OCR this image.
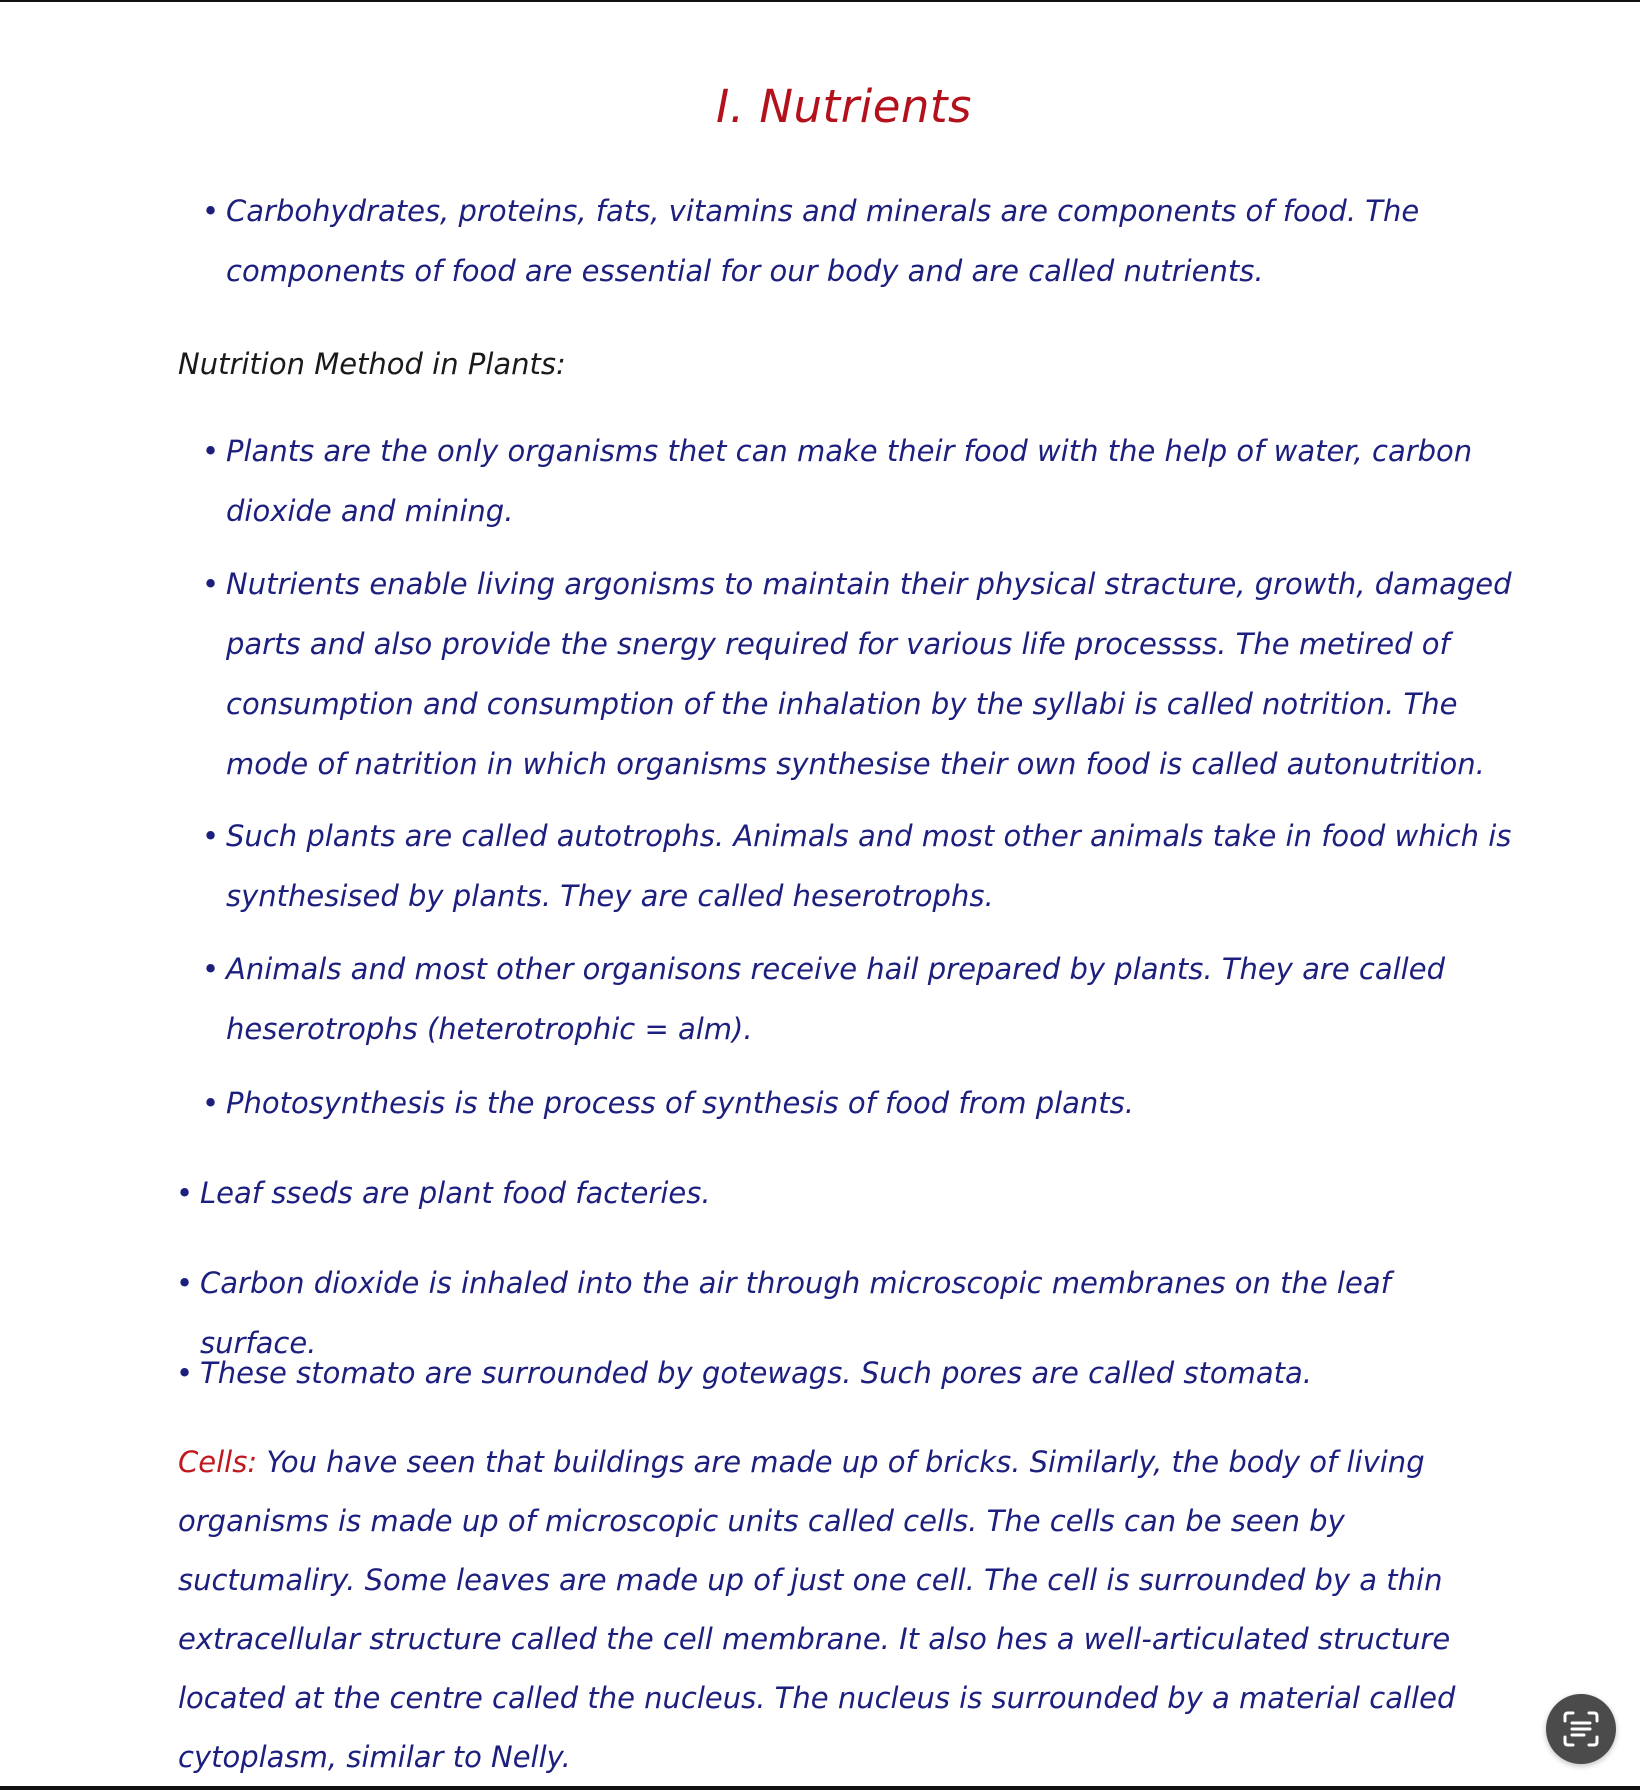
I. Nutrients
• Carbohydrates, proteins, fats, vitamins and minerals are components of food. The components of food are essential for our body and are called nutrients.
Nutrition Method in Plants:
• Plants are the only organisms thet can make their food with the help of water, carbon dioxide and mining.
• Nutrients enable living argonisms to maintain their physical stracture, growth, damaged parts and also provide the snergy required for various life processss. The metired of consumption and consumption of the inhalation by the syllabi is called notrition. The mode of natrition in which organisms synthesise their own food is called autonutrition.
• Such plants are called autotrophs. Animals and most other animals take in food which is synthesised by plants. They are called heserotrophs.
• Animals and most other organisons receive hail prepared by plants. They are called heserotrophs (heterotrophic = alm).
• Photosynthesis is the process of synthesis of food from plants.
• Leaf sseds are plant food facteries.
• Carbon dioxide is inhaled into the air through microscopic membranes on the leaf surface.
• These stomato are surrounded by gotewags. Such pores are called stomata.
Cells: You have seen that buildings are made up of bricks. Similarly, the body of living organisms is made up of microscopic units called cells. The cells can be seen by suctumaliry. Some leaves are made up of just one cell. The cell is surrounded by a thin extracellular structure called the cell membrane. It also hes a well-articulated structure located at the centre called the nucleus. The nucleus is surrounded by a material called cytoplasm, similar to Nelly.
